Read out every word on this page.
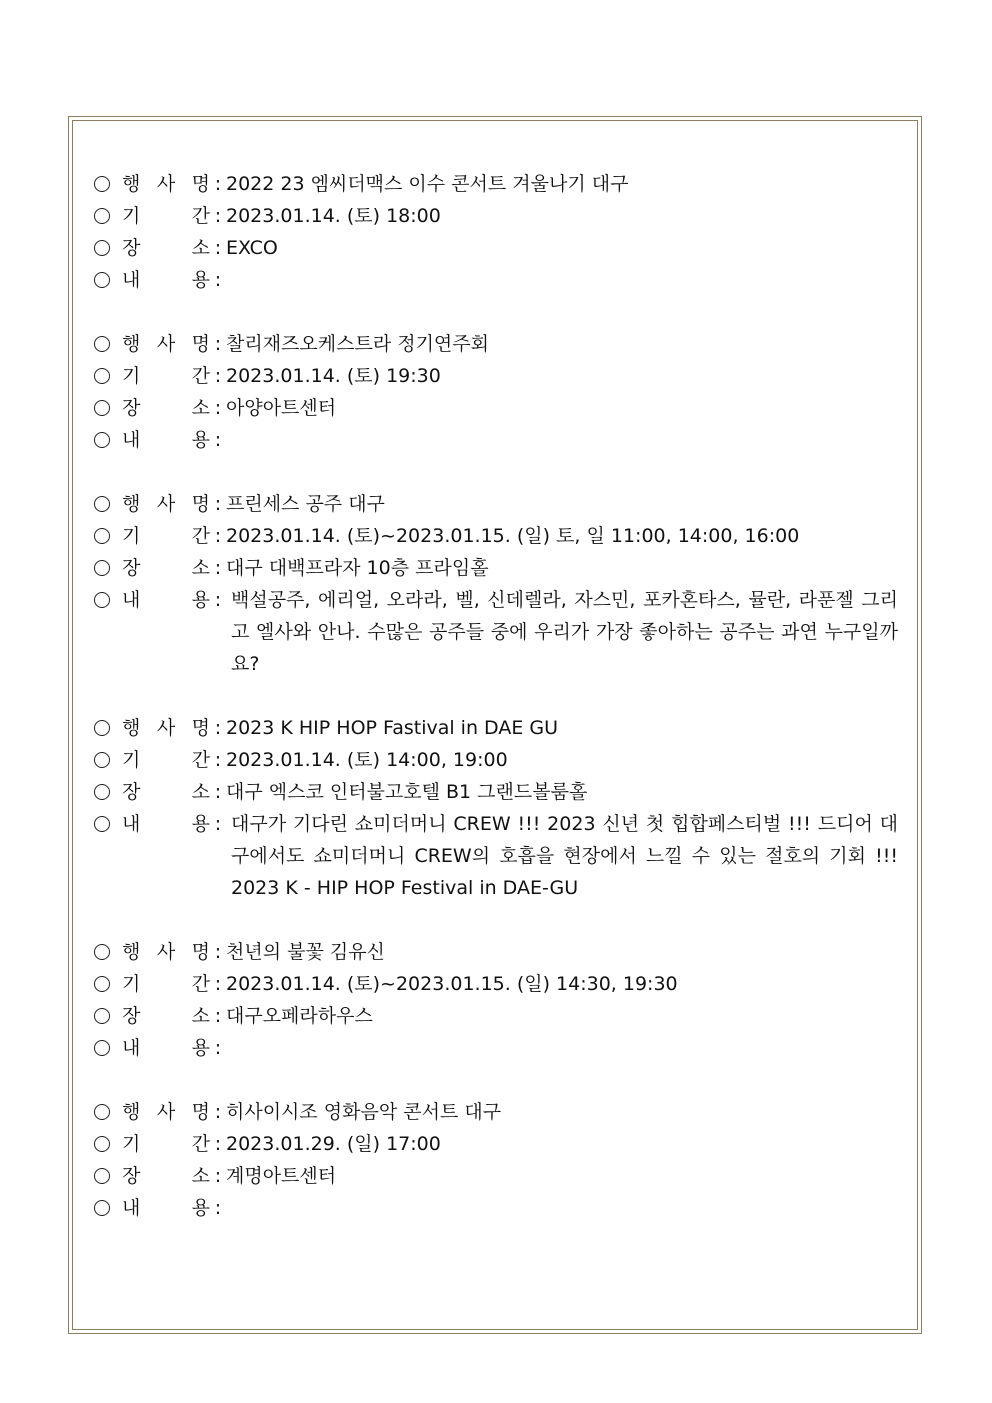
행 사 명 : 2022 23 엠씨더맥스 이수 콘서트 겨울나기 대구
기	간 : 2023.01.14. (토) 18:00
장	소 : EXCO
내	용 :
행 사 명 : 찰리재즈오케스트라 정기연주회
기	간 : 2023.01.14. (토) 19:30
장	소 : 아양아트센터
내	용 :
행 사 명 : 프린세스 공주 대구
기	간 : 2023.01.14. (토)~2023.01.15. (일) 토, 일 11:00, 14:00, 16:00
장	소 : 대구 대백프라자 10층 프라임홀
내	용 : 백설공주, 에리얼, 오라라, 벨, 신데렐라, 자스민, 포카혼타스, 뮬란, 라푼젤 그리고 엘사와 안나. 수많은 공주들 중에 우리가 가장 좋아하는 공주는 과연 누구일까요?
행 사 명 : 2023 K HIP HOP Fastival in DAE GU
기	간 : 2023.01.14. (토) 14:00, 19:00
장	소 : 대구 엑스코 인터불고호텔 B1 그랜드볼룸홀
내	용 : 대구가 기다린 쇼미더머니 CREW !!! 2023 신년 첫 힙합페스티벌 !!! 드디어 대구에서도 쇼미더머니 CREW의 호흡을 현장에서 느낄 수 있는 절호의 기회 !!! 2023 K - HIP HOP Festival in DAE-GU
행 사 명 : 천년의 불꽃 김유신
기	간 : 2023.01.14. (토)~2023.01.15. (일) 14:30, 19:30
장	소 : 대구오페라하우스
내	용 :
행 사 명 : 히사이시조 영화음악 콘서트 대구
기	간 : 2023.01.29. (일) 17:00
장	소 : 계명아트센터
내	용 :
